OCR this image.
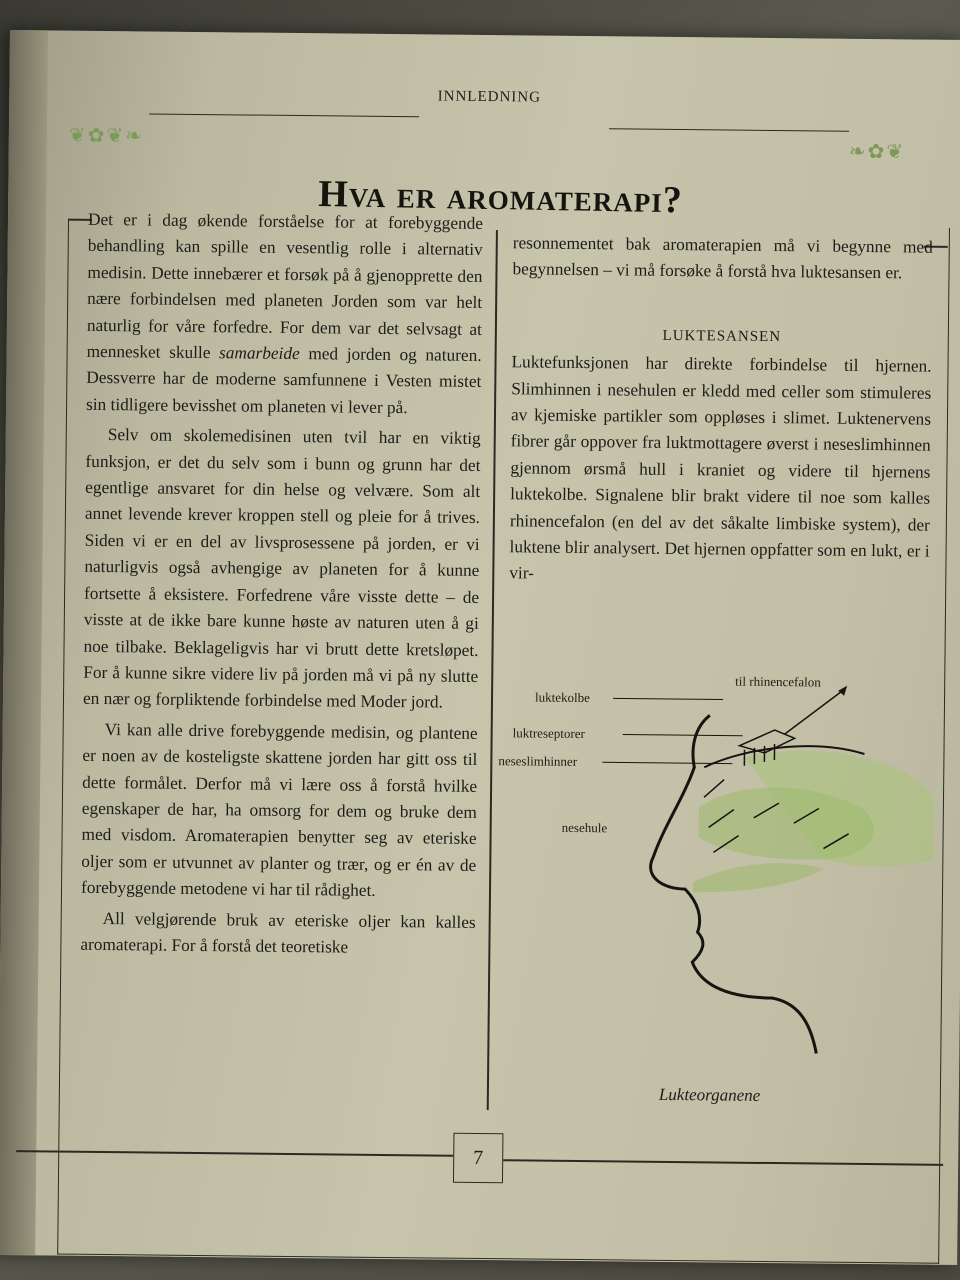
❦✿❦❧
❧✿❦
INNLEDNING
Hva er aromaterapi?

Det er i dag økende forståelse for at forebyggende behandling kan spille en vesentlig rolle i alternativ medisin. Dette innebærer et forsøk på å gjenopprette den nære forbindelsen med planeten Jorden som var helt naturlig for våre forfedre. For dem var det selvsagt at mennesket skulle samarbeide med jorden og naturen. Dessverre har de moderne samfunnene i Vesten mistet sin tidligere bevisshet om planeten vi lever på.

Selv om skolemedisinen uten tvil har en viktig funksjon, er det du selv som i bunn og grunn har det egentlige ansvaret for din helse og velvære. Som alt annet levende krever kroppen stell og pleie for å trives. Siden vi er en del av livsprosessene på jorden, er vi naturligvis også avhengige av planeten for å kunne fortsette å eksistere. Forfedrene våre visste dette – de visste at de ikke bare kunne høste av naturen uten å gi noe tilbake. Beklageligvis har vi brutt dette kretsløpet. For å kunne sikre videre liv på jorden må vi på ny slutte en nær og forpliktende forbindelse med Moder jord.

Vi kan alle drive forebyggende medisin, og plantene er noen av de kosteligste skattene jorden har gitt oss til dette formålet. Derfor må vi lære oss å forstå hvilke egenskaper de har, ha omsorg for dem og bruke dem med visdom. Aromaterapien benytter seg av eteriske oljer som er utvunnet av planter og trær, og er én av de forebyggende metodene vi har til rådighet.

All velgjørende bruk av eteriske oljer kan kalles aromaterapi. For å forstå det teoretiske

resonnementet bak aromaterapien må vi begynne med begynnelsen – vi må forsøke å forstå hva luktesansen er.

LUKTESANSEN

Luktefunksjonen har direkte forbindelse til hjernen. Slimhinnen i nesehulen er kledd med celler som stimuleres av kjemiske partikler som oppløses i slimet. Luktenervens fibrer går oppover fra luktmottagere øverst i neseslimhinnen gjennom ørsmå hull i kraniet og videre til hjernens luktekolbe. Signalene blir brakt videre til noe som kalles rhinencefalon (en del av det såkalte limbiske system), der luktene blir analysert. Det hjernen oppfatter som en lukt, er i vir-

til rhinencefalon
luktekolbe
luktreseptorer
neseslimhinner
nesehule
Lukteorganene
7
